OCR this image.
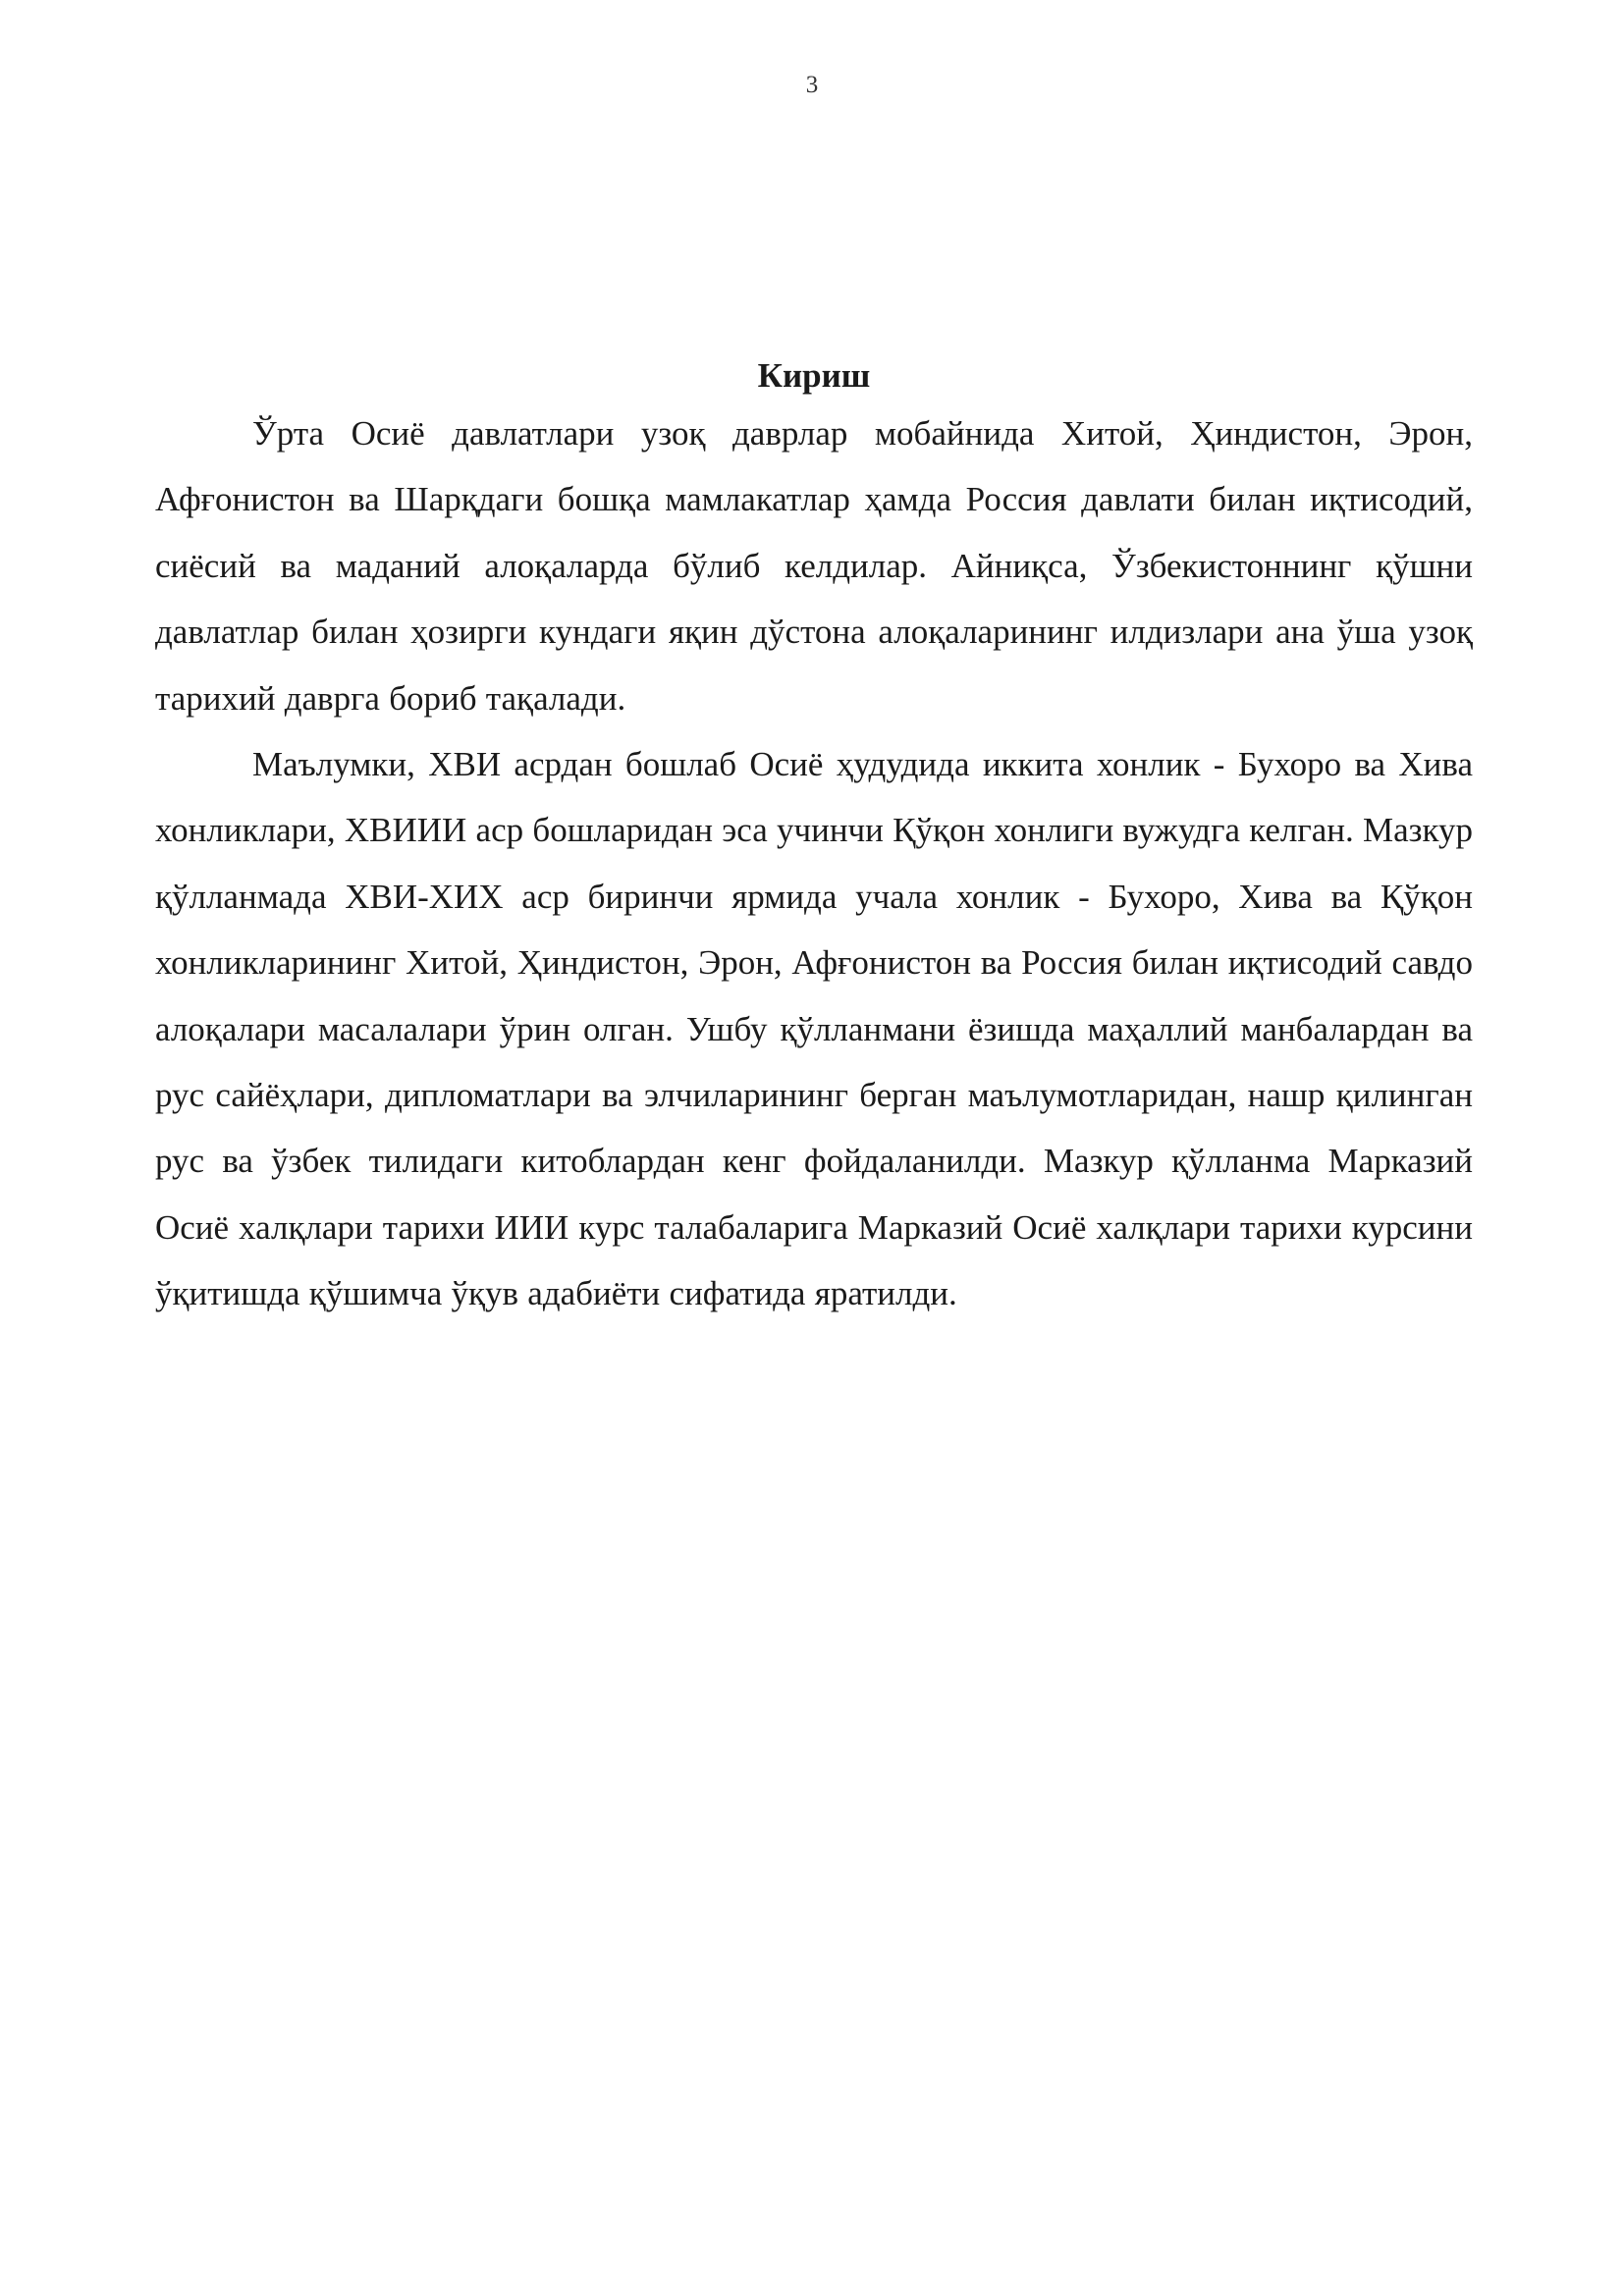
3
Кириш

Ўрта Осиё давлатлари узоқ даврлар мобайнида Хитой, Ҳиндистон, Эрон, Афғонистон ва Шарқдаги бошқа мамлакатлар ҳамда Россия давлати билан иқтисодий, сиёсий ва маданий алоқаларда бўлиб келдилар. Айниқса, Ўзбекистоннинг қўшни давлатлар билан ҳозирги кундаги яқин дўстона алоқаларининг илдизлари ана ўша узоқ тарихий даврга бориб тақалади.

Маълумки, ХВИ асрдан бошлаб Осиё ҳудудида иккита хонлик - Бухоро ва Хива хонликлари, ХВИИИ аср бошларидан эса учинчи Қўқон хонлиги вужудга келган. Мазкур қўлланмада ХВИ-ХИХ аср биринчи ярмида учала хонлик - Бухоро, Хива ва Қўқон хонликларининг Хитой, Ҳиндистон, Эрон, Афғонистон ва Россия билан иқтисодий савдо алоқалари масалалари ўрин олган. Ушбу қўлланмани ёзишда маҳаллий манбалардан ва рус сайёҳлари, дипломатлари ва элчиларининг берган маълумотларидан, нашр қилинган рус ва ўзбек тилидаги китоблардан кенг фойдаланилди. Мазкур қўлланма Марказий Осиё халқлари тарихи ИИИ курс талабаларига Марказий Осиё халқлари тарихи курсини ўқитишда қўшимча ўқув адабиёти сифатида яратилди.
